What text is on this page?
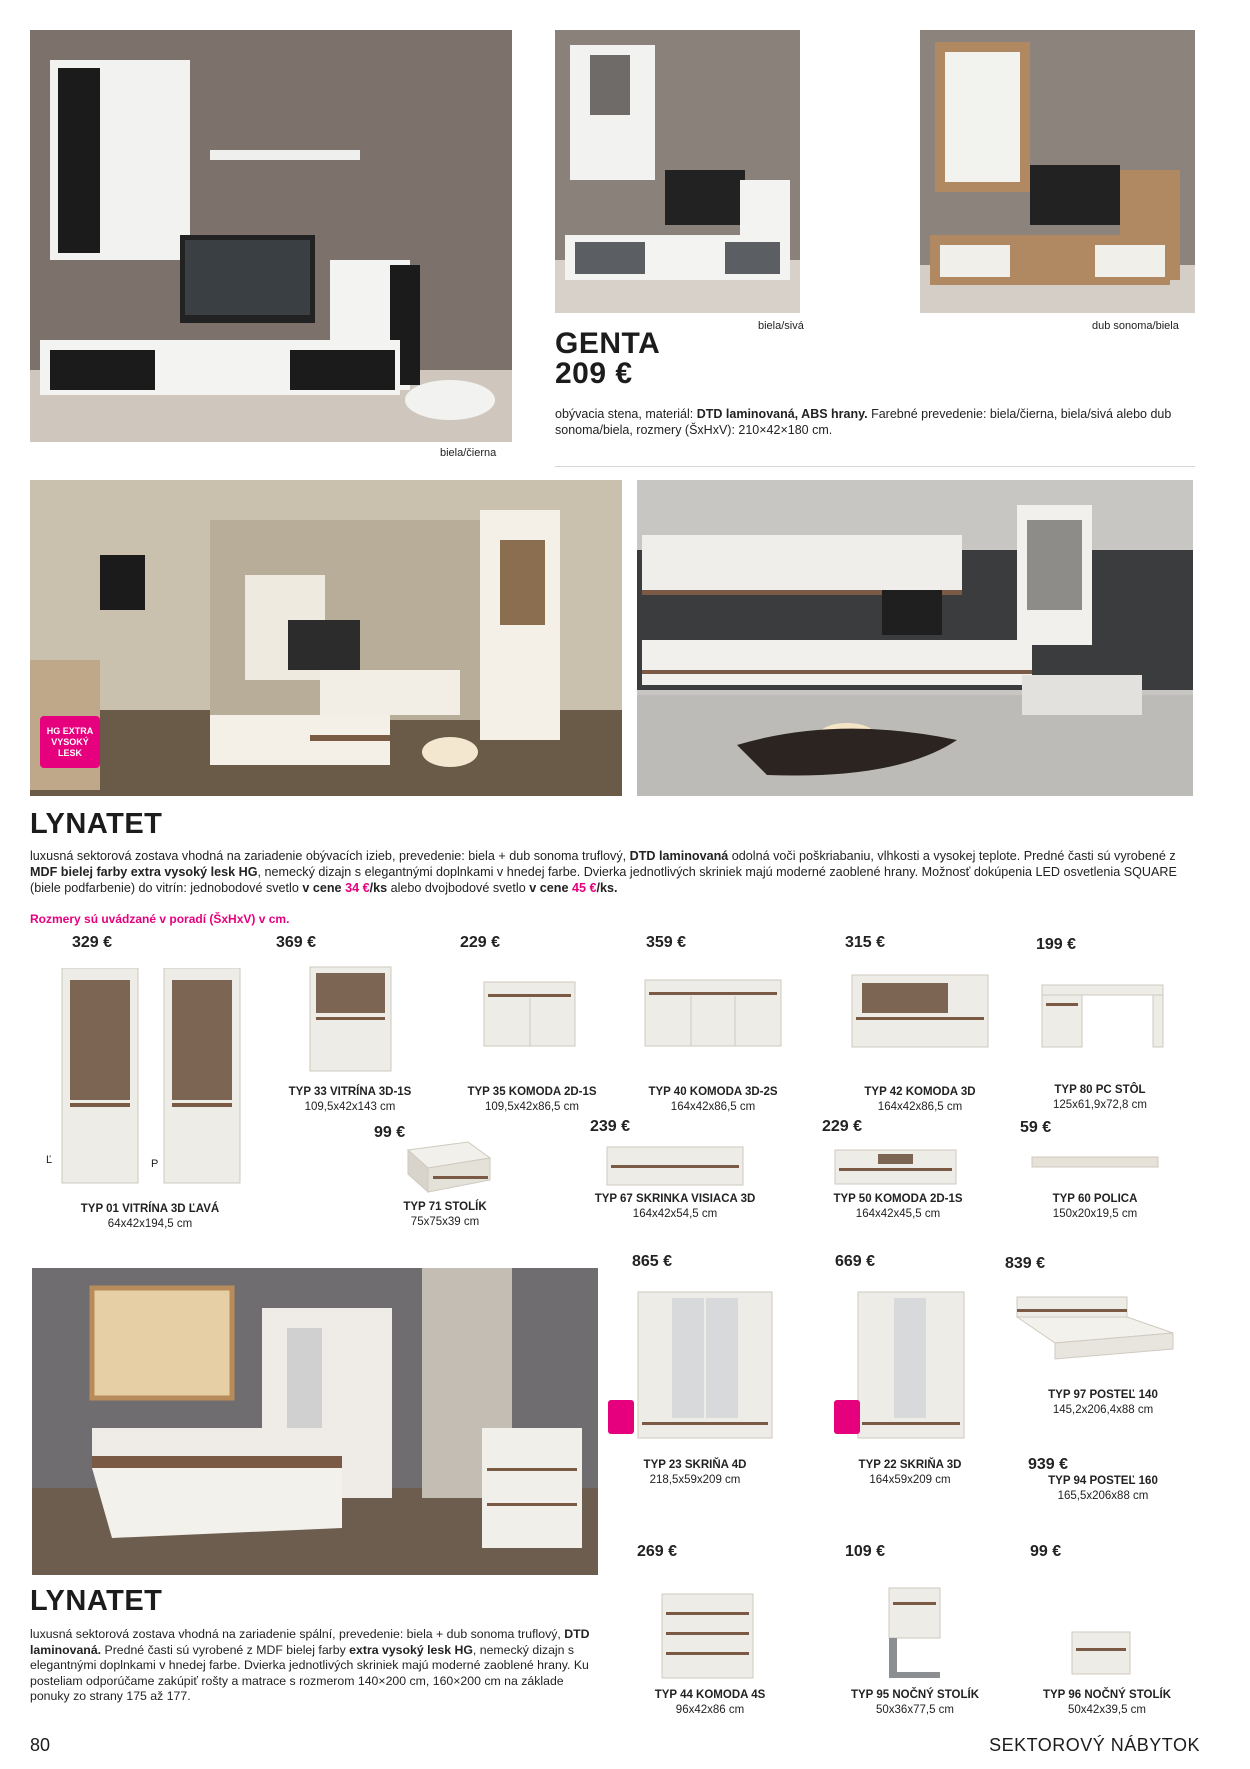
biela/čierna
biela/sivá	dub sonoma/biela
GENTA
209 €
obývacia stena, materiál: DTD laminovaná, ABS hrany. Farebné prevedenie: biela/čierna, biela/sivá alebo dub sonoma/biela, rozmery (ŠxHxV): 210×42×180 cm.
HG EXTRA VYSOKÝ LESK
LYNATET
luxusná sektorová zostava vhodná na zariadenie obývacích izieb, prevedenie: biela + dub sonoma truflový, DTD laminovaná odolná voči poškriabaniu, vlhkosti a vysokej teplote. Predné časti sú vyrobené z MDF bielej farby extra vysoký lesk HG, nemecký dizajn s elegantnými doplnkami v hnedej farbe. Dvierka jednotlivých skriniek majú moderné zaoblené hrany. Možnosť dokúpenia LED osvetlenia SQUARE (biele podfarbenie) do vitrín: jednobodové svetlo v cene 34 €/ks alebo dvojbodové svetlo v cene 45 €/ks.
Rozmery sú uvádzané v poradí (ŠxHxV) v cm.
329 €
Ľ	P
TYP 01 VITRÍNA 3D ĽAVÁ
64x42x194,5 cm
369 €
TYP 33 VITRÍNA 3D-1S
109,5x42x143 cm
229 €
TYP 35 KOMODA 2D-1S
109,5x42x86,5 cm
359 €
TYP 40 KOMODA 3D-2S
164x42x86,5 cm
315 €
TYP 42 KOMODA 3D
164x42x86,5 cm
199 €
TYP 80 PC STÔL
125x61,9x72,8 cm
99 €
TYP 71 STOLÍK
75x75x39 cm
239 €
TYP 67 SKRINKA VISIACA 3D
164x42x54,5 cm
229 €
TYP 50 KOMODA 2D-1S
164x42x45,5 cm
59 €
TYP 60 POLICA
150x20x19,5 cm
865 €
TYP 23 SKRIŇA 4D
218,5x59x209 cm
669 €
TYP 22 SKRIŇA 3D
164x59x209 cm
839 €
TYP 97 POSTEĽ 140
145,2x206,4x88 cm
939 €
TYP 94 POSTEĽ 160
165,5x206x88 cm
269 €
TYP 44 KOMODA 4S
96x42x86 cm
109 €
TYP 95 NOČNÝ STOLÍK
50x36x77,5 cm
99 €
TYP 96 NOČNÝ STOLÍK
50x42x39,5 cm
LYNATET
luxusná sektorová zostava vhodná na zariadenie spální, prevedenie: biela + dub sonoma truflový, DTD laminovaná. Predné časti sú vyrobené z MDF bielej farby extra vysoký lesk HG, nemecký dizajn s elegantnými doplnkami v hnedej farbe. Dvierka jednotlivých skriniek majú moderné zaoblené hrany. Ku posteliam odporúčame zakúpiť rošty a matrace s rozmerom 140×200 cm, 160×200 cm na základe ponuky zo strany 175 až 177.
80	SEKTOROVÝ NÁBYTOK
